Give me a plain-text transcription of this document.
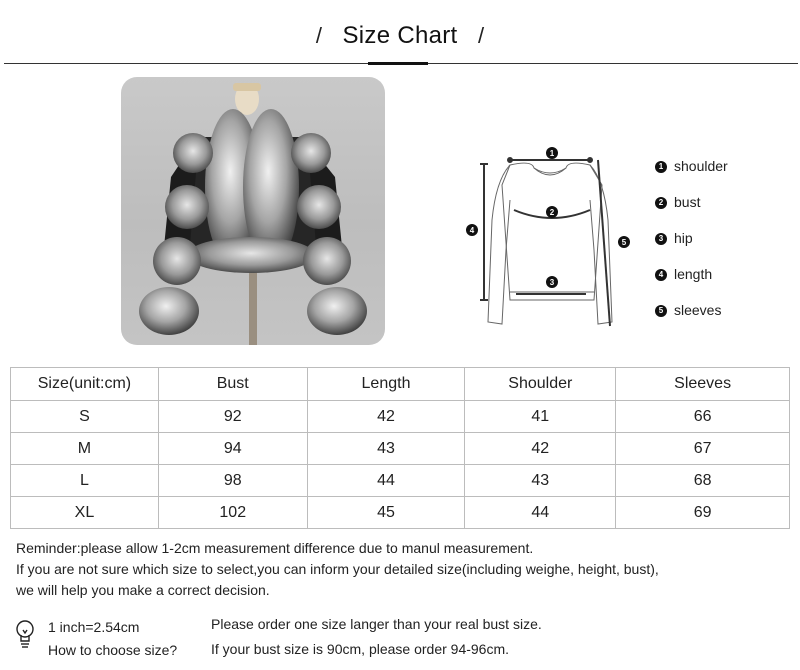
/ Size Chart /
1
2
3
4
5
1 shoulder
2 bust
3 hip
4 length
5 sleeves
Size(unit:cm)	Bust	Length	Shoulder	Sleeves
S	92	42	41	66
M	94	43	42	67
L	98	44	43	68
XL	102	45	44	69
Reminder:please allow 1-2cm measurement difference due to manul measurement.
If you are not sure which size to select,you can inform your detailed size(including weighe, height, bust),
we will help you make a correct decision.
1 inch=2.54cm
How to choose size?
Please order one size langer than your real bust size.
If your bust size is 90cm, please order 94-96cm.
